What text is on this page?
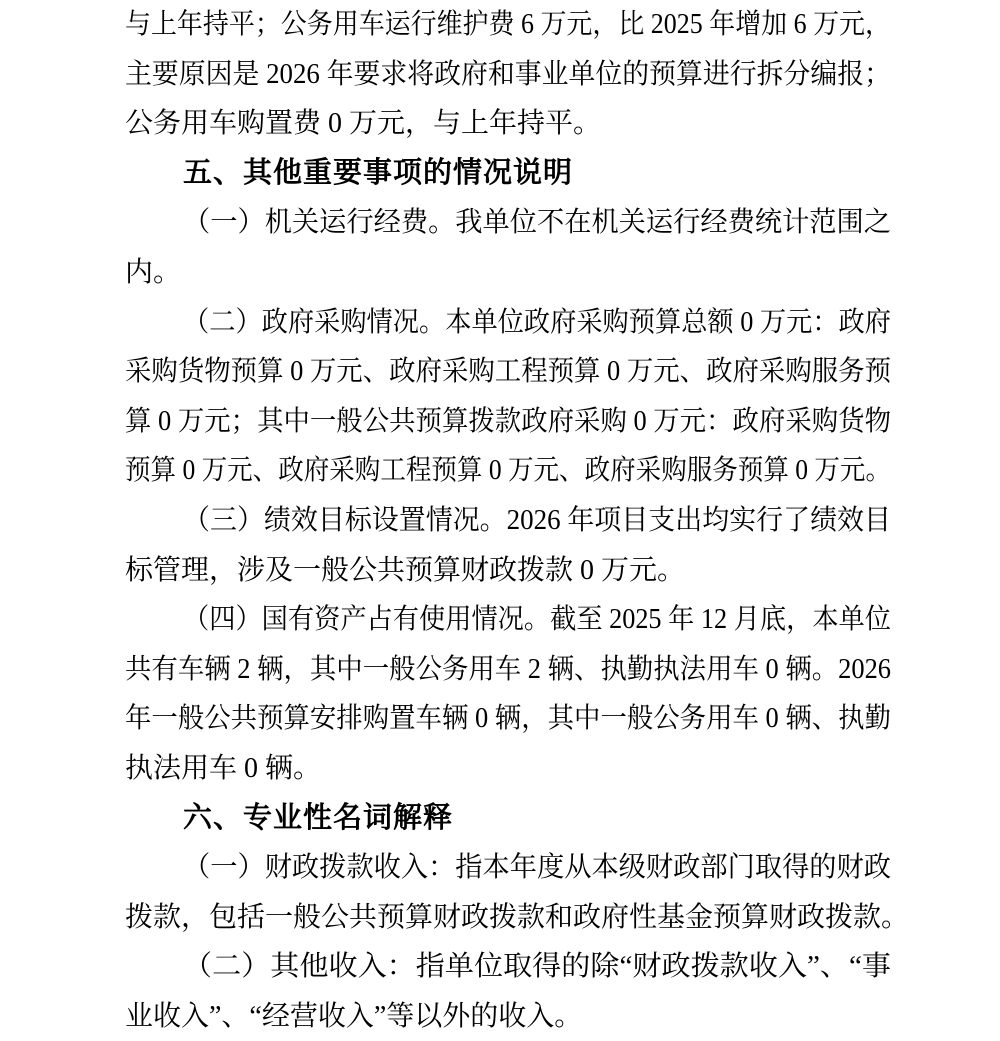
与上年持平；公务用车运行维护费 6 万元，比 2025 年增加 6 万元，
主要原因是 2026 年要求将政府和事业单位的预算进行拆分编报；
公务用车购置费 0 万元，与上年持平。
五、其他重要事项的情况说明
（一）机关运行经费。我单位不在机关运行经费统计范围之
内。
（二）政府采购情况。本单位政府采购预算总额 0 万元：政府
采购货物预算 0 万元、政府采购工程预算 0 万元、政府采购服务预
算 0 万元；其中一般公共预算拨款政府采购 0 万元：政府采购货物
预算 0 万元、政府采购工程预算 0 万元、政府采购服务预算 0 万元。
（三）绩效目标设置情况。2026 年项目支出均实行了绩效目
标管理，涉及一般公共预算财政拨款 0 万元。
（四）国有资产占有使用情况。截至 2025 年 12 月底，本单位
共有车辆 2 辆，其中一般公务用车 2 辆、执勤执法用车 0 辆。2026
年一般公共预算安排购置车辆 0 辆，其中一般公务用车 0 辆、执勤
执法用车 0 辆。
六、专业性名词解释
（一）财政拨款收入：指本年度从本级财政部门取得的财政
拨款，包括一般公共预算财政拨款和政府性基金预算财政拨款。
（二）其他收入：指单位取得的除“财政拨款收入”、“事
业收入”、“经营收入”等以外的收入。
